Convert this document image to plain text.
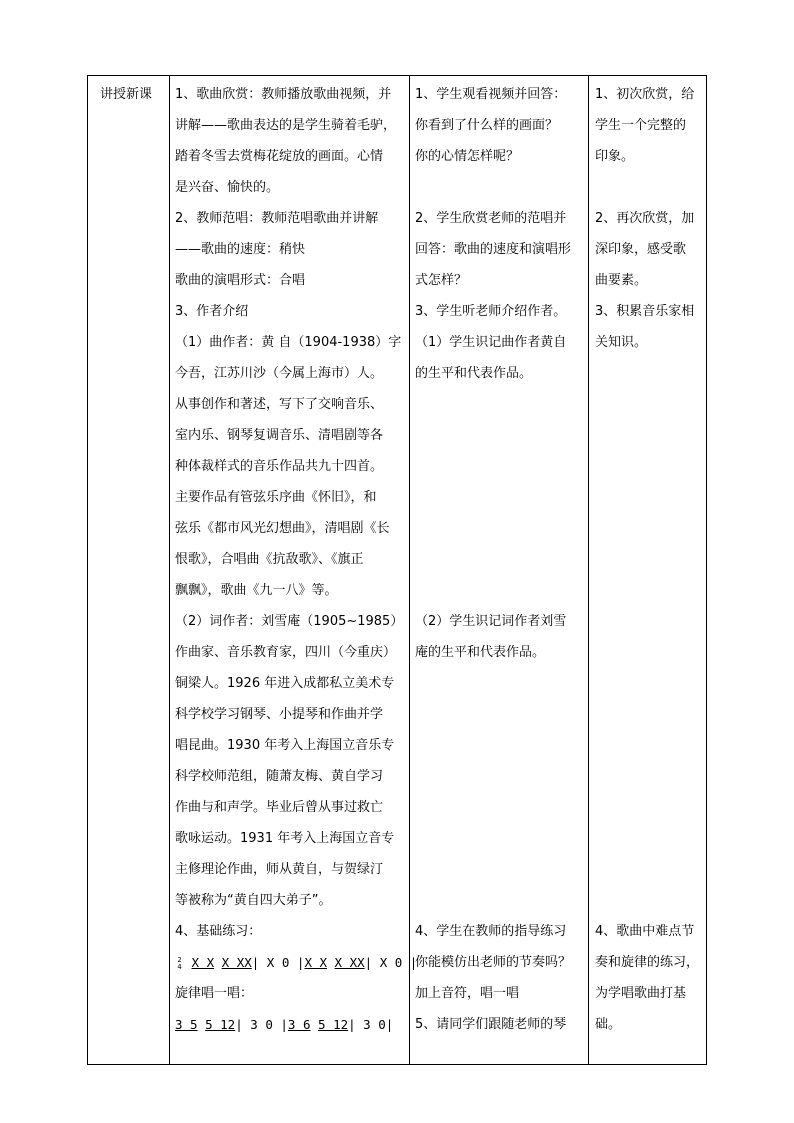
讲授新课 1、歌曲欣赏：教师播放歌曲视频，并

讲解——歌曲表达的是学生骑着毛驴，

踏着冬雪去赏梅花绽放的画面。心情

是兴奋、愉快的。

2、教师范唱：教师范唱歌曲并讲解

——歌曲的速度：稍快

歌曲的演唱形式：合唱

3、作者介绍

（1）曲作者：黄 自（1904-1938）字

今吾，江苏川沙（今属上海市）人。

从事创作和著述，写下了交响音乐、

室内乐、钢琴复调音乐、清唱剧等各

种体裁样式的音乐作品共九十四首。

主要作品有管弦乐序曲《怀旧》，和

弦乐《都市风光幻想曲》，清唱剧《长

恨歌》，合唱曲《抗敌歌》、《旗正

飘飘》，歌曲《九一八》等。

（2）词作者：刘雪庵（1905~1985）

作曲家、音乐教育家，四川（今重庆）

铜梁人。1926 年进入成都私立美术专

科学校学习钢琴、小提琴和作曲并学

唱昆曲。1930 年考入上海国立音乐专

科学校师范组，随萧友梅、黄自学习

作曲与和声学。毕业后曾从事过救亡

歌咏运动。1931 年考入上海国立音专

主修理论作曲，师从黄自，与贺绿汀

等被称为“黄自四大弟子”。

4、基础练习：

2
4 X X X XX| X 0 |X X X XX| X 0 |

旋律唱一唱：

3 5 5 12| 3 0 |3 6 5 12| 3 0|

1、学生观看视频并回答：

你看到了什么样的画面？

你的心情怎样呢？

2、学生欣赏老师的范唱并

回答：歌曲的速度和演唱形

式怎样？

3、学生听老师介绍作者。

（1）学生识记曲作者黄自

的生平和代表作品。

（2）学生识记词作者刘雪

庵的生平和代表作品。

4、学生在教师的指导练习

你能模仿出老师的节奏吗？

加上音符，唱一唱

5、请同学们跟随老师的琴

1、初次欣赏，给

学生一个完整的

印象。

2、再次欣赏，加

深印象，感受歌

曲要素。

3、积累音乐家相

关知识。

4、歌曲中难点节

奏和旋律的练习，

为学唱歌曲打基

础。
